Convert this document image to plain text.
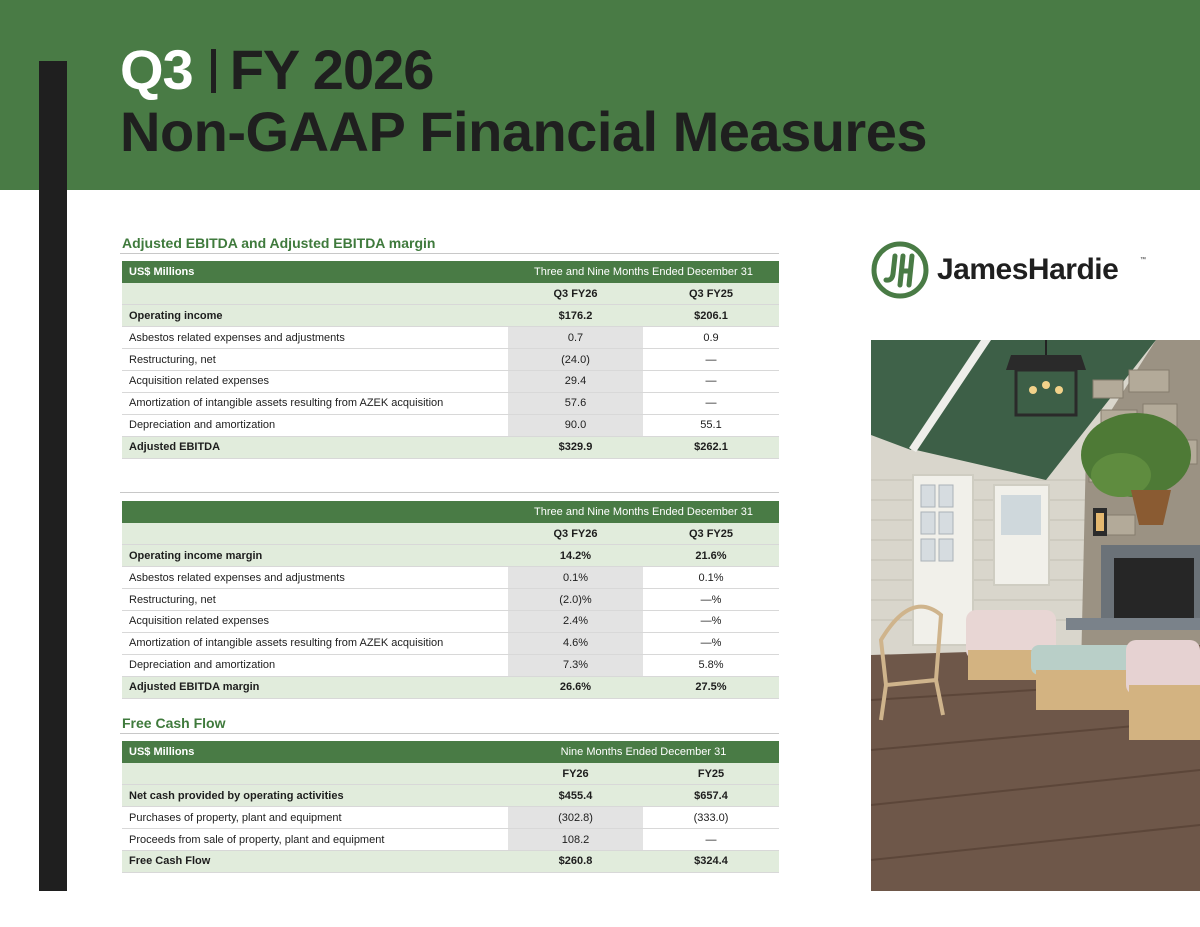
Q3 FY 2026
Non-GAAP Financial Measures
Adjusted EBITDA and Adjusted EBITDA margin
US$ Millions	Three and Nine Months Ended December 31	
	Q3 FY26	Q3 FY25
Operating income	$176.2	$206.1
Asbestos related expenses and adjustments	0.7	0.9
Restructuring, net	(24.0)	—
Acquisition related expenses	29.4	—
Amortization of intangible assets resulting from AZEK acquisition	57.6	—
Depreciation and amortization	90.0	55.1
Adjusted EBITDA	$329.9	$262.1
	Three and Nine Months Ended December 31	
	Q3 FY26	Q3 FY25
Operating income margin	14.2%	21.6%
Asbestos related expenses and adjustments	0.1%	0.1%
Restructuring, net	(2.0)%	—%
Acquisition related expenses	2.4%	—%
Amortization of intangible assets resulting from AZEK acquisition	4.6%	—%
Depreciation and amortization	7.3%	5.8%
Adjusted EBITDA margin	26.6%	27.5%
Free Cash Flow
US$ Millions	Nine Months Ended December 31	
	FY26	FY25
Net cash provided by operating activities	$455.4	$657.4
Purchases of property, plant and equipment	(302.8)	(333.0)
Proceeds from sale of property, plant and equipment	108.2	—
Free Cash Flow	$260.8	$324.4
JamesHardie	™
